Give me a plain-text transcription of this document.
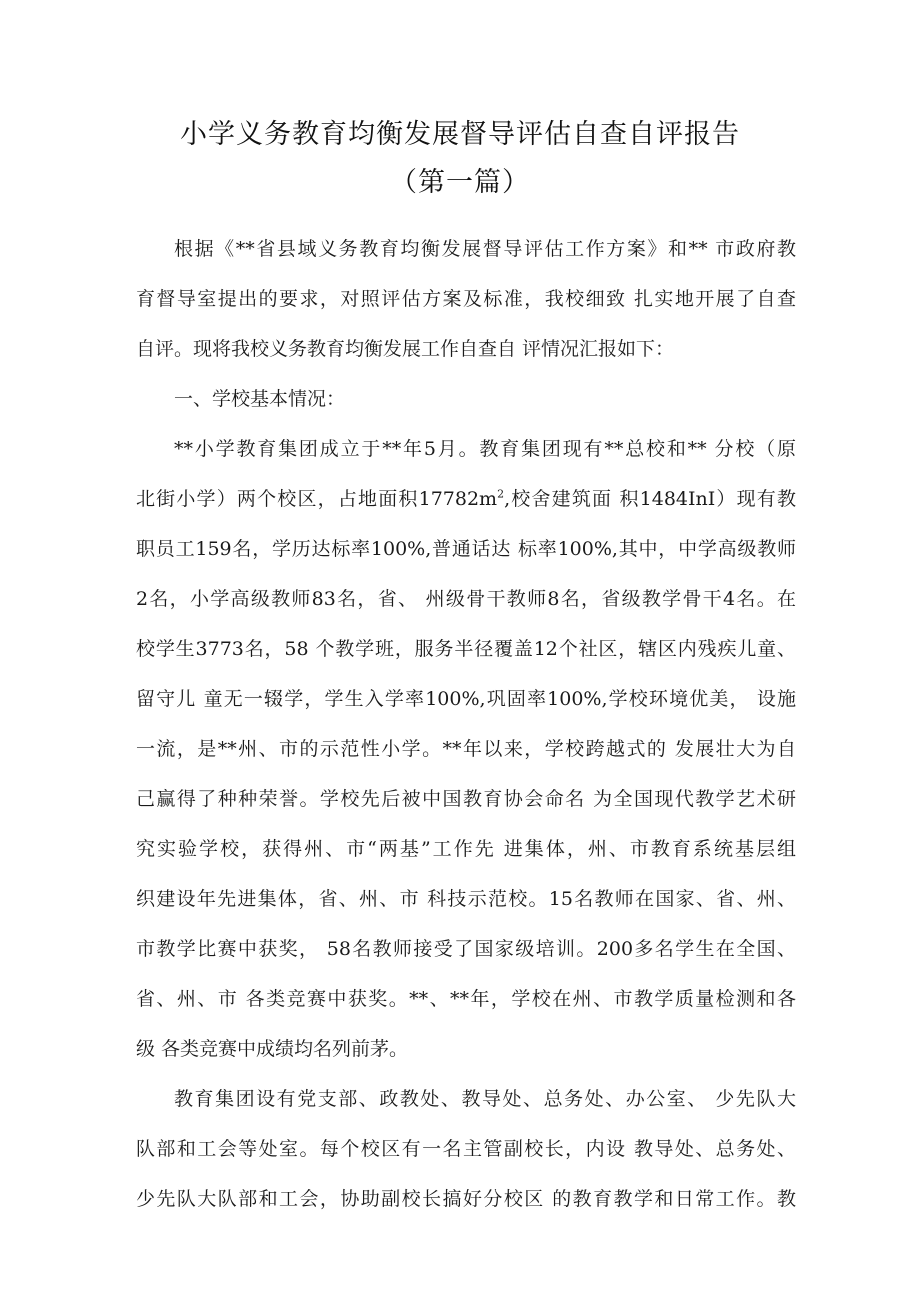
小学义务教育均衡发展督导评估自查自评报告
（第一篇）
根据《**省县域义务教育均衡发展督导评估工作方案》和** 市政府教
育督导室提出的要求，对照评估方案及标准，我校细致 扎实地开展了自查
自评。现将我校义务教育均衡发展工作自查自 评情况汇报如下：
一、学校基本情况：
**小学教育集团成立于**年5月。教育集团现有**总校和** 分校（原
北街小学）两个校区，占地面积$17782m^2$,校舍建筑面 积1484InI）现有教
职员工159名，学历达标率100%,普通话达 标率100%,其中，中学高级教师
2名，小学高级教师83名，省、 州级骨干教师8名，省级教学骨干4名。在
校学生3773名，58 个教学班，服务半径覆盖12个社区，辖区内残疾儿童、
留守儿 童无一辍学，学生入学率100%,巩固率100%,学校环境优美， 设施
一流，是**州、市的示范性小学。**年以来，学校跨越式的 发展壮大为自
己赢得了种种荣誉。学校先后被中国教育协会命名 为全国现代教学艺术研
究实验学校，获得州、市“两基”工作先 进集体，州、市教育系统基层组
织建设年先进集体，省、州、市 科技示范校。15名教师在国家、省、州、
市教学比赛中获奖， 58名教师接受了国家级培训。200多名学生在全国、
省、州、市 各类竞赛中获奖。**、**年，学校在州、市教学质量检测和各
级 各类竞赛中成绩均名列前茅。
教育集团设有党支部、政教处、教导处、总务处、办公室、 少先队大
队部和工会等处室。每个校区有一名主管副校长，内设 教导处、总务处、
少先队大队部和工会，协助副校长搞好分校区 的教育教学和日常工作。教
